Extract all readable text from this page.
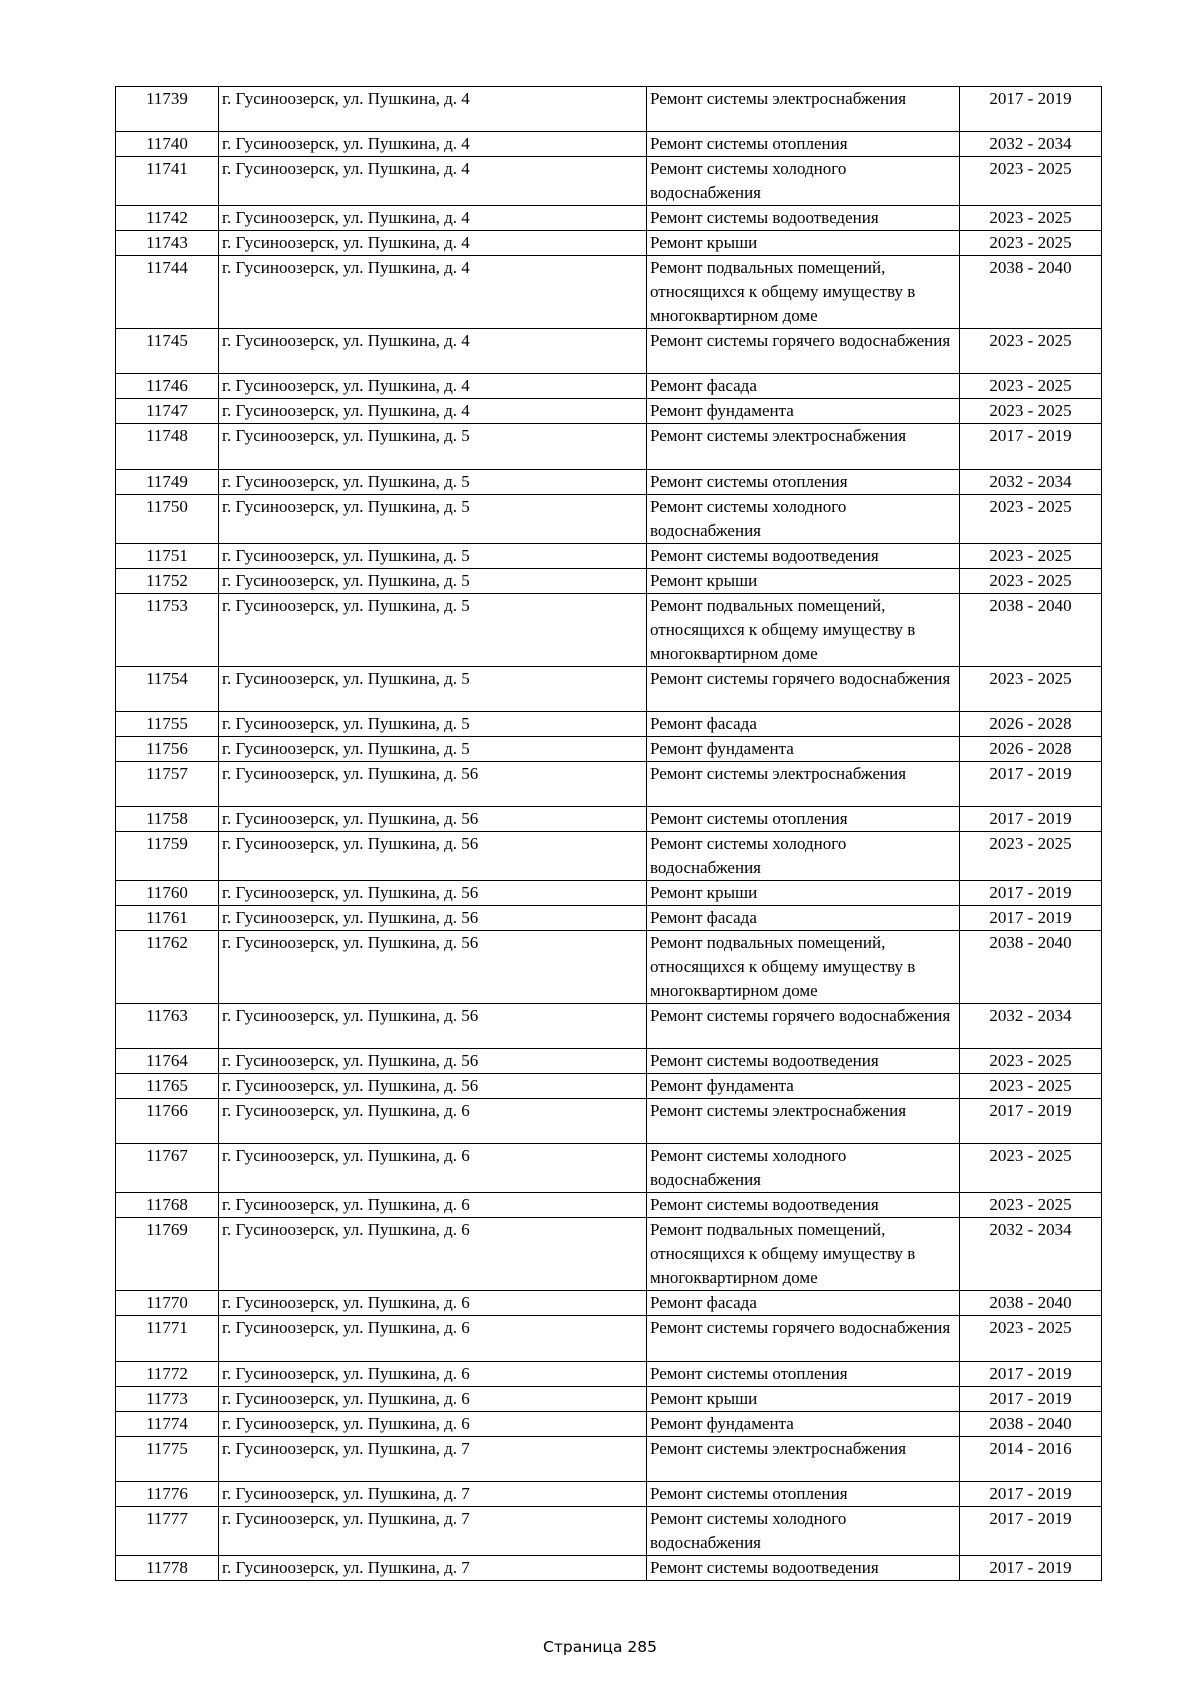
11739	г. Гусиноозерск, ул. Пушкина, д. 4	Ремонт системы электроснабжения	2017 - 2019
11740	г. Гусиноозерск, ул. Пушкина, д. 4	Ремонт системы отопления	2032 - 2034
11741	г. Гусиноозерск, ул. Пушкина, д. 4	Ремонт системы холодного водоснабжения	2023 - 2025
11742	г. Гусиноозерск, ул. Пушкина, д. 4	Ремонт системы водоотведения	2023 - 2025
11743	г. Гусиноозерск, ул. Пушкина, д. 4	Ремонт крыши	2023 - 2025
11744	г. Гусиноозерск, ул. Пушкина, д. 4	Ремонт подвальных помещений, относящихся к общему имуществу в многоквартирном доме	2038 - 2040
11745	г. Гусиноозерск, ул. Пушкина, д. 4	Ремонт системы горячего водоснабжения	2023 - 2025
11746	г. Гусиноозерск, ул. Пушкина, д. 4	Ремонт фасада	2023 - 2025
11747	г. Гусиноозерск, ул. Пушкина, д. 4	Ремонт фундамента	2023 - 2025
11748	г. Гусиноозерск, ул. Пушкина, д. 5	Ремонт системы электроснабжения	2017 - 2019
11749	г. Гусиноозерск, ул. Пушкина, д. 5	Ремонт системы отопления	2032 - 2034
11750	г. Гусиноозерск, ул. Пушкина, д. 5	Ремонт системы холодного водоснабжения	2023 - 2025
11751	г. Гусиноозерск, ул. Пушкина, д. 5	Ремонт системы водоотведения	2023 - 2025
11752	г. Гусиноозерск, ул. Пушкина, д. 5	Ремонт крыши	2023 - 2025
11753	г. Гусиноозерск, ул. Пушкина, д. 5	Ремонт подвальных помещений, относящихся к общему имуществу в многоквартирном доме	2038 - 2040
11754	г. Гусиноозерск, ул. Пушкина, д. 5	Ремонт системы горячего водоснабжения	2023 - 2025
11755	г. Гусиноозерск, ул. Пушкина, д. 5	Ремонт фасада	2026 - 2028
11756	г. Гусиноозерск, ул. Пушкина, д. 5	Ремонт фундамента	2026 - 2028
11757	г. Гусиноозерск, ул. Пушкина, д. 56	Ремонт системы электроснабжения	2017 - 2019
11758	г. Гусиноозерск, ул. Пушкина, д. 56	Ремонт системы отопления	2017 - 2019
11759	г. Гусиноозерск, ул. Пушкина, д. 56	Ремонт системы холодного водоснабжения	2023 - 2025
11760	г. Гусиноозерск, ул. Пушкина, д. 56	Ремонт крыши	2017 - 2019
11761	г. Гусиноозерск, ул. Пушкина, д. 56	Ремонт фасада	2017 - 2019
11762	г. Гусиноозерск, ул. Пушкина, д. 56	Ремонт подвальных помещений, относящихся к общему имуществу в многоквартирном доме	2038 - 2040
11763	г. Гусиноозерск, ул. Пушкина, д. 56	Ремонт системы горячего водоснабжения	2032 - 2034
11764	г. Гусиноозерск, ул. Пушкина, д. 56	Ремонт системы водоотведения	2023 - 2025
11765	г. Гусиноозерск, ул. Пушкина, д. 56	Ремонт фундамента	2023 - 2025
11766	г. Гусиноозерск, ул. Пушкина, д. 6	Ремонт системы электроснабжения	2017 - 2019
11767	г. Гусиноозерск, ул. Пушкина, д. 6	Ремонт системы холодного водоснабжения	2023 - 2025
11768	г. Гусиноозерск, ул. Пушкина, д. 6	Ремонт системы водоотведения	2023 - 2025
11769	г. Гусиноозерск, ул. Пушкина, д. 6	Ремонт подвальных помещений, относящихся к общему имуществу в многоквартирном доме	2032 - 2034
11770	г. Гусиноозерск, ул. Пушкина, д. 6	Ремонт фасада	2038 - 2040
11771	г. Гусиноозерск, ул. Пушкина, д. 6	Ремонт системы горячего водоснабжения	2023 - 2025
11772	г. Гусиноозерск, ул. Пушкина, д. 6	Ремонт системы отопления	2017 - 2019
11773	г. Гусиноозерск, ул. Пушкина, д. 6	Ремонт крыши	2017 - 2019
11774	г. Гусиноозерск, ул. Пушкина, д. 6	Ремонт фундамента	2038 - 2040
11775	г. Гусиноозерск, ул. Пушкина, д. 7	Ремонт системы электроснабжения	2014 - 2016
11776	г. Гусиноозерск, ул. Пушкина, д. 7	Ремонт системы отопления	2017 - 2019
11777	г. Гусиноозерск, ул. Пушкина, д. 7	Ремонт системы холодного водоснабжения	2017 - 2019
11778	г. Гусиноозерск, ул. Пушкина, д. 7	Ремонт системы водоотведения	2017 - 2019
Страница 285
